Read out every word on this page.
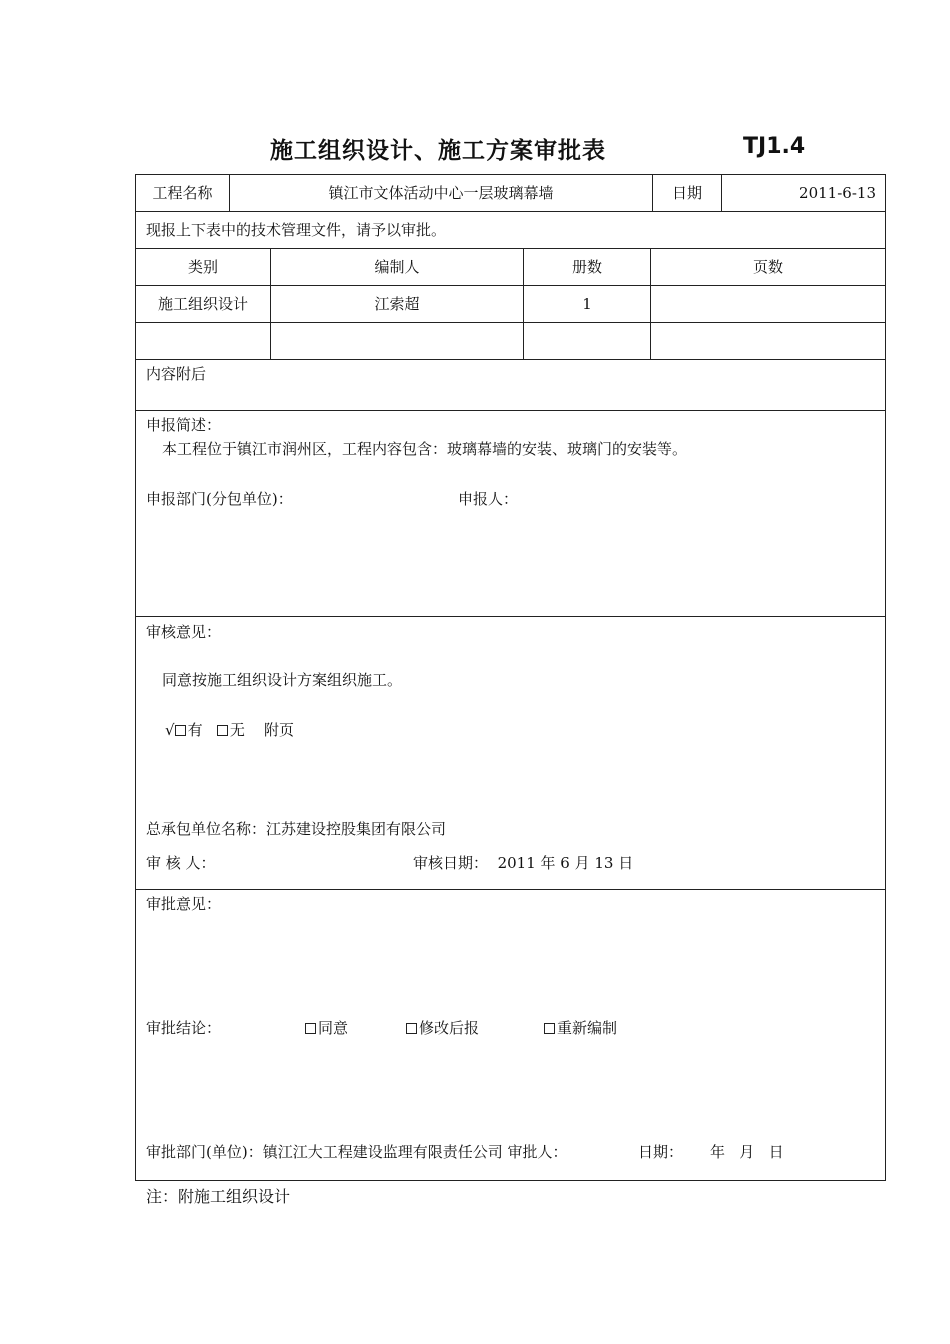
施工组织设计、施工方案审批表	TJ1.4
工程名称	镇江市文体活动中心一层玻璃幕墙	日期	2011-6-13
现报上下表中的技术管理文件，请予以审批。
类别	编制人	册数	页数
施工组织设计	江索超	1
内容附后
申报简述：
本工程位于镇江市润州区，工程内容包含：玻璃幕墙的安装、玻璃门的安装等。
申报部门(分包单位)：	申报人：
审核意见：
同意按施工组织设计方案组织施工。
√ 有 无 附页
总承包单位名称：江苏建设控股集团有限公司
审 核 人：	审核日期： 2011 年 6 月 13 日
审批意见：
审批结论：	同意	修改后报	重新编制
审批部门(单位)：镇江江大工程建设监理有限责任公司 审批人：	日期： 年   月   日
注：附施工组织设计
